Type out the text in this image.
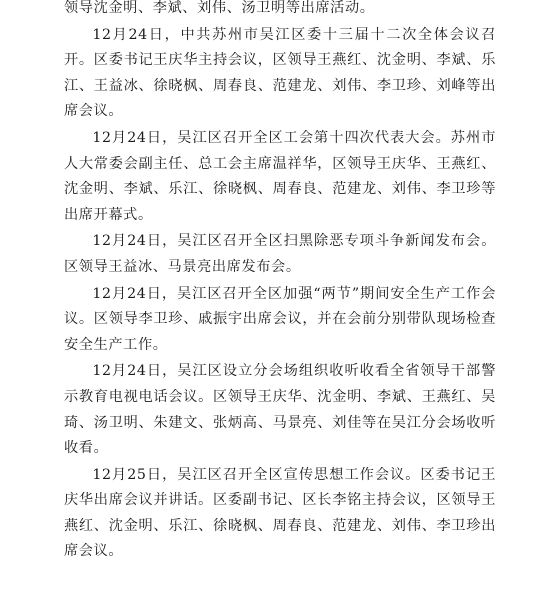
领导沈金明、李斌、刘伟、汤卫明等出席活动。

12月24日，中共苏州市吴江区委十三届十二次全体会议召开。区委书记王庆华主持会议，区领导王燕红、沈金明、李斌、乐江、王益冰、徐晓枫、周春良、范建龙、刘伟、李卫珍、刘峰等出席会议。

12月24日，吴江区召开全区工会第十四次代表大会。苏州市人大常委会副主任、总工会主席温祥华，区领导王庆华、王燕红、沈金明、李斌、乐江、徐晓枫、周春良、范建龙、刘伟、李卫珍等出席开幕式。

12月24日，吴江区召开全区扫黑除恶专项斗争新闻发布会。区领导王益冰、马景亮出席发布会。

12月24日，吴江区召开全区加强“两节”期间安全生产工作会议。区领导李卫珍、戚振宇出席会议，并在会前分别带队现场检查安全生产工作。

12月24日，吴江区设立分会场组织收听收看全省领导干部警示教育电视电话会议。区领导王庆华、沈金明、李斌、王燕红、吴琦、汤卫明、朱建文、张炳高、马景亮、刘佳等在吴江分会场收听收看。

12月25日，吴江区召开全区宣传思想工作会议。区委书记王庆华出席会议并讲话。区委副书记、区长李铭主持会议，区领导王燕红、沈金明、乐江、徐晓枫、周春良、范建龙、刘伟、李卫珍出席会议。
